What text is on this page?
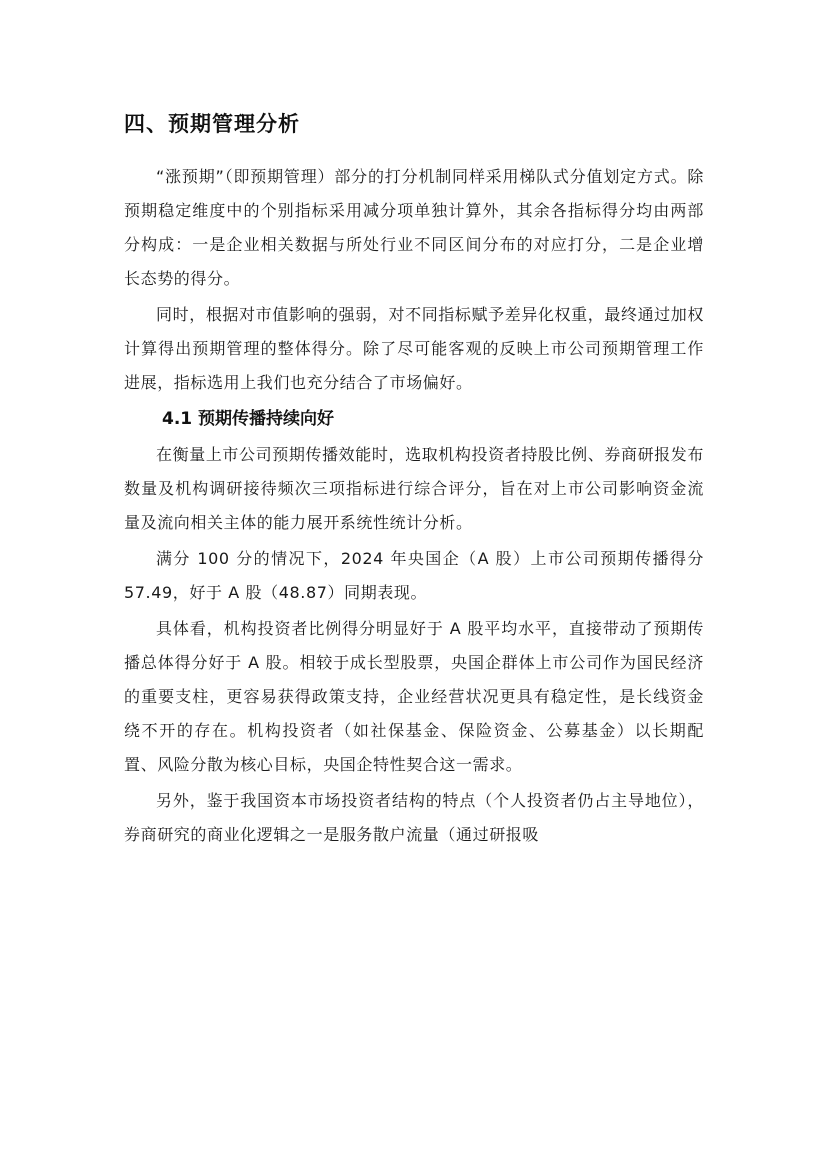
四、预期管理分析

“涨预期”（即预期管理）部分的打分机制同样采用梯队式分值划定方式。除预期稳定维度中的个别指标采用减分项单独计算外，其余各指标得分均由两部分构成：一是企业相关数据与所处行业不同区间分布的对应打分，二是企业增长态势的得分。

同时，根据对市值影响的强弱，对不同指标赋予差异化权重，最终通过加权计算得出预期管理的整体得分。除了尽可能客观的反映上市公司预期管理工作进展，指标选用上我们也充分结合了市场偏好。

4.1 预期传播持续向好

在衡量上市公司预期传播效能时，选取机构投资者持股比例、券商研报发布数量及机构调研接待频次三项指标进行综合评分，旨在对上市公司影响资金流量及流向相关主体的能力展开系统性统计分析。

满分 100 分的情况下，2024 年央国企（A 股）上市公司预期传播得分 57.49，好于 A 股（48.87）同期表现。

具体看，机构投资者比例得分明显好于 A 股平均水平，直接带动了预期传播总体得分好于 A 股。相较于成长型股票，央国企群体上市公司作为国民经济的重要支柱，更容易获得政策支持，企业经营状况更具有稳定性，是长线资金绕不开的存在。机构投资者（如社保基金、保险资金、公募基金）以长期配置、风险分散为核心目标，央国企特性契合这一需求。

另外，鉴于我国资本市场投资者结构的特点（个人投资者仍占主导地位），券商研究的商业化逻辑之一是服务散户流量（通过研报吸
